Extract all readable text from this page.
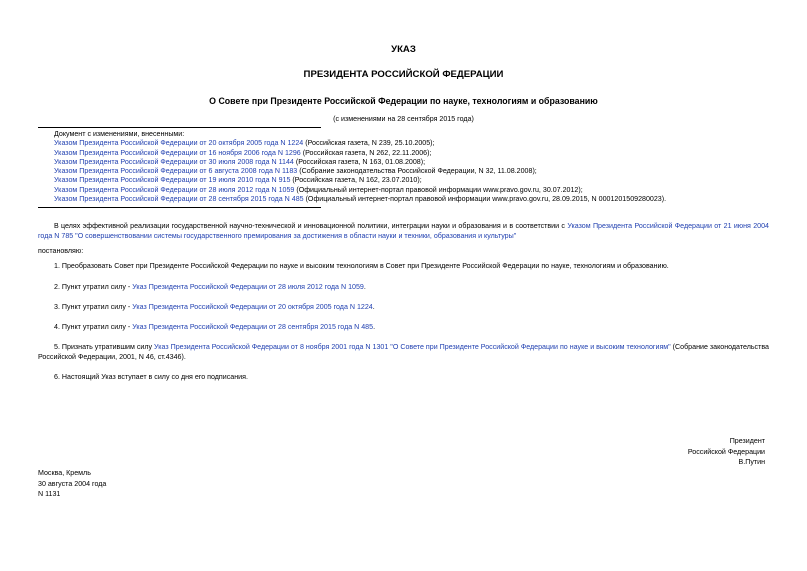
УКАЗ
ПРЕЗИДЕНТА РОССИЙСКОЙ ФЕДЕРАЦИИ
О Совете при Президенте Российской Федерации по науке, технологиям и образованию
(с изменениями на 28 сентября 2015 года)
Документ с изменениями, внесенными:
Указом Президента Российской Федерации от 20 октября 2005 года N 1224 (Российская газета, N 239, 25.10.2005);
Указом Президента Российской Федерации от 16 ноября 2006 года N 1296 (Российская газета, N 262, 22.11.2006);
Указом Президента Российской Федерации от 30 июля 2008 года N 1144 (Российская газета, N 163, 01.08.2008);
Указом Президента Российской Федерации от 6 августа 2008 года N 1183 (Собрание законодательства Российской Федерации, N 32, 11.08.2008);
Указом Президента Российской Федерации от 19 июля 2010 года N 915 (Российская газета, N 162, 23.07.2010);
Указом Президента Российской Федерации от 28 июля 2012 года N 1059 (Официальный интернет-портал правовой информации www.pravo.gov.ru, 30.07.2012);
Указом Президента Российской Федерации от 28 сентября 2015 года N 485 (Официальный интернет-портал правовой информации www.pravo.gov.ru, 28.09.2015, N 0001201509280023).
В целях эффективной реализации государственной научно-технической и инновационной политики, интеграции науки и образования и в соответствии с Указом Президента Российской Федерации от 21 июня 2004 года N 785 "О совершенствовании системы государственного премирования за достижения в области науки и техники, образования и культуры"
постановляю:
1. Преобразовать Совет при Президенте Российской Федерации по науке и высоким технологиям в Совет при Президенте Российской Федерации по науке, технологиям и образованию.
2. Пункт утратил силу - Указ Президента Российской Федерации от 28 июля 2012 года N 1059.
3. Пункт утратил силу - Указ Президента Российской Федерации от 20 октября 2005 года N 1224.
4. Пункт утратил силу - Указ Президента Российской Федерации от 28 сентября 2015 года N 485.
5. Признать утратившим силу Указ Президента Российской Федерации от 8 ноября 2001 года N 1301 "О Совете при Президенте Российской Федерации по науке и высоким технологиям" (Собрание законодательства Российской Федерации, 2001, N 46, ст.4346).
6. Настоящий Указ вступает в силу со дня его подписания.
Президент
Российской Федерации
В.Путин
Москва, Кремль
30 августа 2004 года
N 1131
